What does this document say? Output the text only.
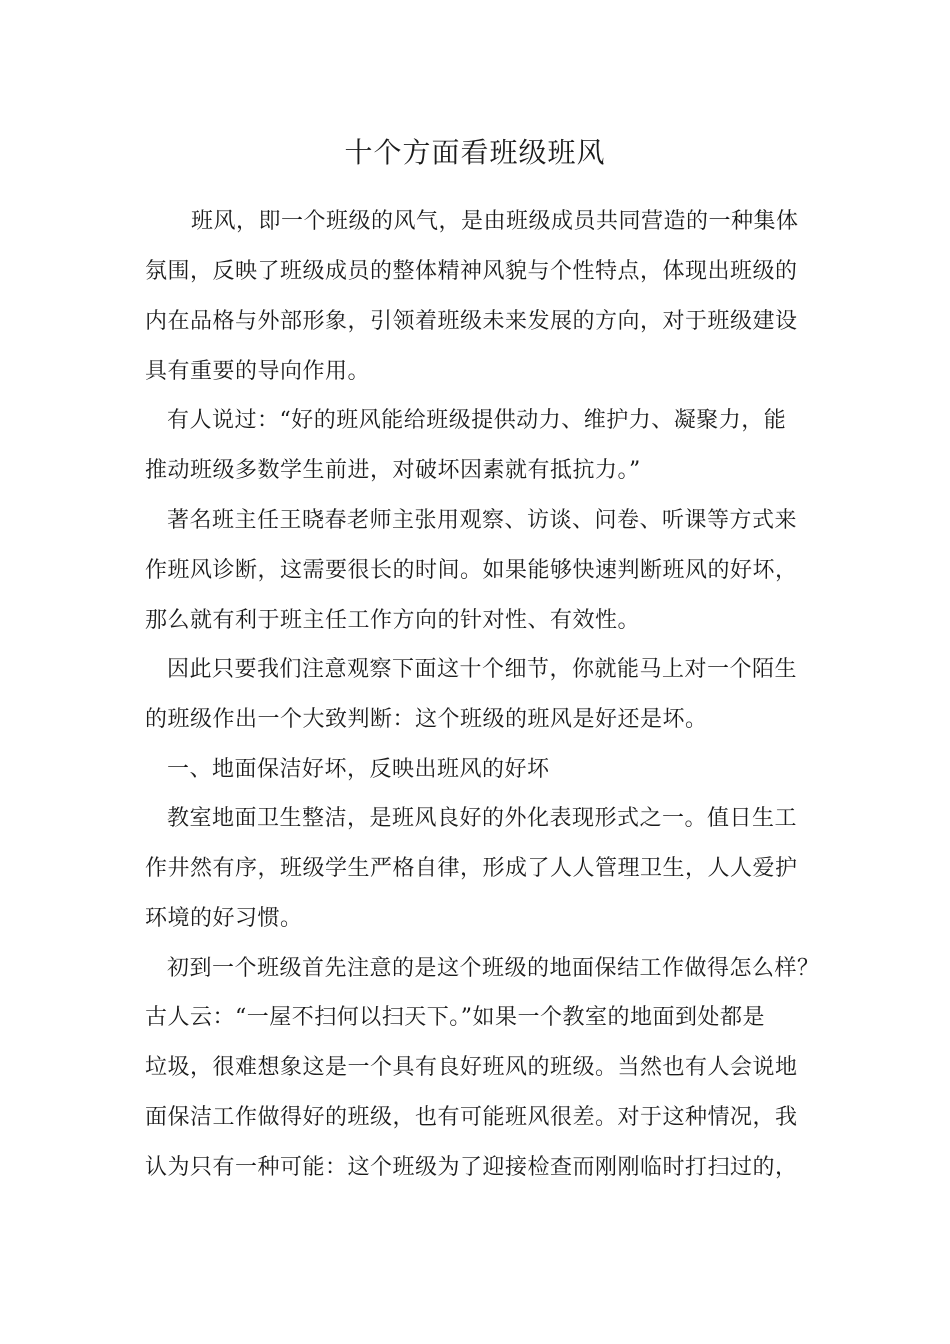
十个方面看班级班风
班风，即一个班级的风气，是由班级成员共同营造的一种集体
氛围，反映了班级成员的整体精神风貌与个性特点，体现出班级的
内在品格与外部形象，引领着班级未来发展的方向，对于班级建设
具有重要的导向作用。
有人说过：“好的班风能给班级提供动力、维护力、凝聚力，能
推动班级多数学生前进，对破坏因素就有抵抗力。”
著名班主任王晓春老师主张用观察、访谈、问卷、听课等方式来
作班风诊断，这需要很长的时间。如果能够快速判断班风的好坏，
那么就有利于班主任工作方向的针对性、有效性。
因此只要我们注意观察下面这十个细节，你就能马上对一个陌生
的班级作出一个大致判断：这个班级的班风是好还是坏。
一、地面保洁好坏，反映出班风的好坏
教室地面卫生整洁，是班风良好的外化表现形式之一。值日生工
作井然有序，班级学生严格自律，形成了人人管理卫生，人人爱护
环境的好习惯。
初到一个班级首先注意的是这个班级的地面保结工作做得怎么样？
古人云：“一屋不扫何以扫天下。”如果一个教室的地面到处都是
垃圾，很难想象这是一个具有良好班风的班级。当然也有人会说地
面保洁工作做得好的班级，也有可能班风很差。对于这种情况，我
认为只有一种可能：这个班级为了迎接检查而刚刚临时打扫过的，
